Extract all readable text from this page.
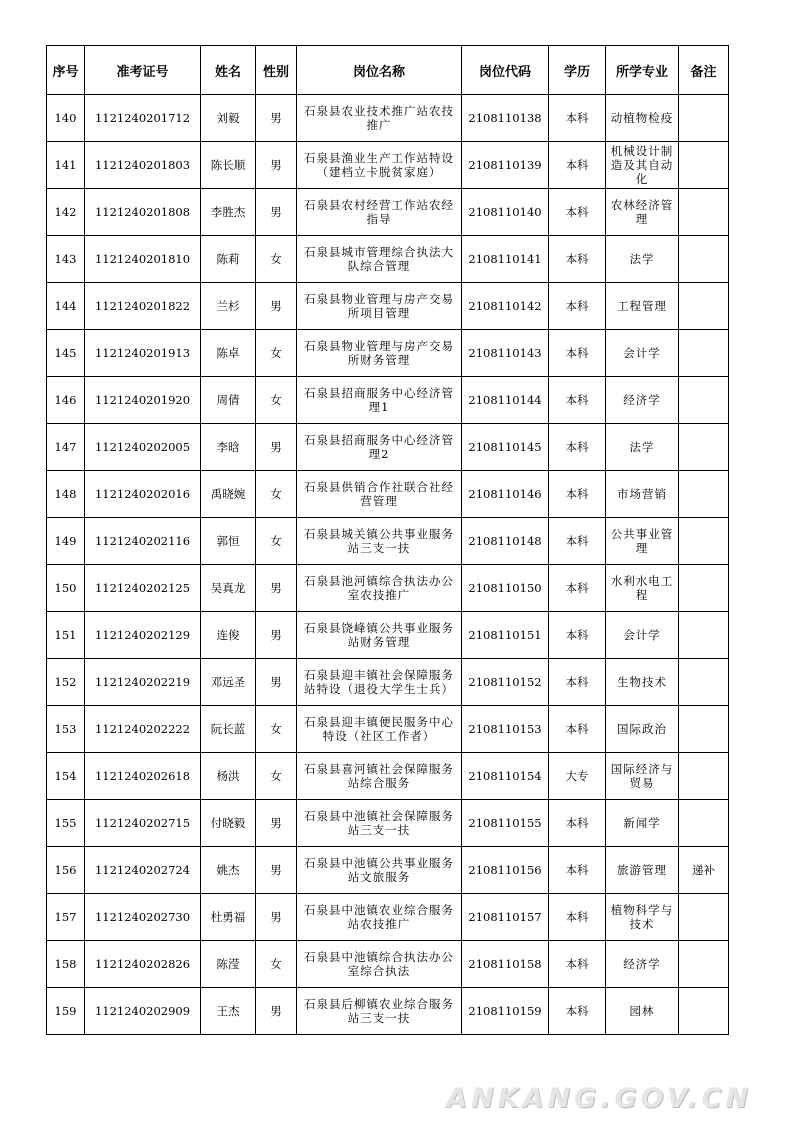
序号	准考证号	姓名	性别	岗位名称	岗位代码	学历	所学专业	备注
140	1121240201712	刘毅	男	石泉县农业技术推广站农技推广	2108110138	本科	动植物检疫	
141	1121240201803	陈长顺	男	石泉县渔业生产工作站特设（建档立卡脱贫家庭）	2108110139	本科	机械设计制造及其自动化	
142	1121240201808	李胜杰	男	石泉县农村经营工作站农经指导	2108110140	本科	农林经济管理	
143	1121240201810	陈莉	女	石泉县城市管理综合执法大队综合管理	2108110141	本科	法学	
144	1121240201822	兰杉	男	石泉县物业管理与房产交易所项目管理	2108110142	本科	工程管理	
145	1121240201913	陈卓	女	石泉县物业管理与房产交易所财务管理	2108110143	本科	会计学	
146	1121240201920	周倩	女	石泉县招商服务中心经济管理1	2108110144	本科	经济学	
147	1121240202005	李晗	男	石泉县招商服务中心经济管理2	2108110145	本科	法学	
148	1121240202016	禹晓婉	女	石泉县供销合作社联合社经营管理	2108110146	本科	市场营销	
149	1121240202116	郭恒	女	石泉县城关镇公共事业服务站三支一扶	2108110148	本科	公共事业管理	
150	1121240202125	吴真龙	男	石泉县池河镇综合执法办公室农技推广	2108110150	本科	水利水电工程	
151	1121240202129	连俊	男	石泉县饶峰镇公共事业服务站财务管理	2108110151	本科	会计学	
152	1121240202219	邓远圣	男	石泉县迎丰镇社会保障服务站特设（退役大学生士兵）	2108110152	本科	生物技术	
153	1121240202222	阮长蓝	女	石泉县迎丰镇便民服务中心特设（社区工作者）	2108110153	本科	国际政治	
154	1121240202618	杨洪	女	石泉县喜河镇社会保障服务站综合服务	2108110154	大专	国际经济与贸易	
155	1121240202715	付晓毅	男	石泉县中池镇社会保障服务站三支一扶	2108110155	本科	新闻学	
156	1121240202724	姚杰	男	石泉县中池镇公共事业服务站文旅服务	2108110156	本科	旅游管理	递补
157	1121240202730	杜勇福	男	石泉县中池镇农业综合服务站农技推广	2108110157	本科	植物科学与技术	
158	1121240202826	陈滢	女	石泉县中池镇综合执法办公室综合执法	2108110158	本科	经济学	
159	1121240202909	王杰	男	石泉县后柳镇农业综合服务站三支一扶	2108110159	本科	园林	
ANKANG.GOV.CN
